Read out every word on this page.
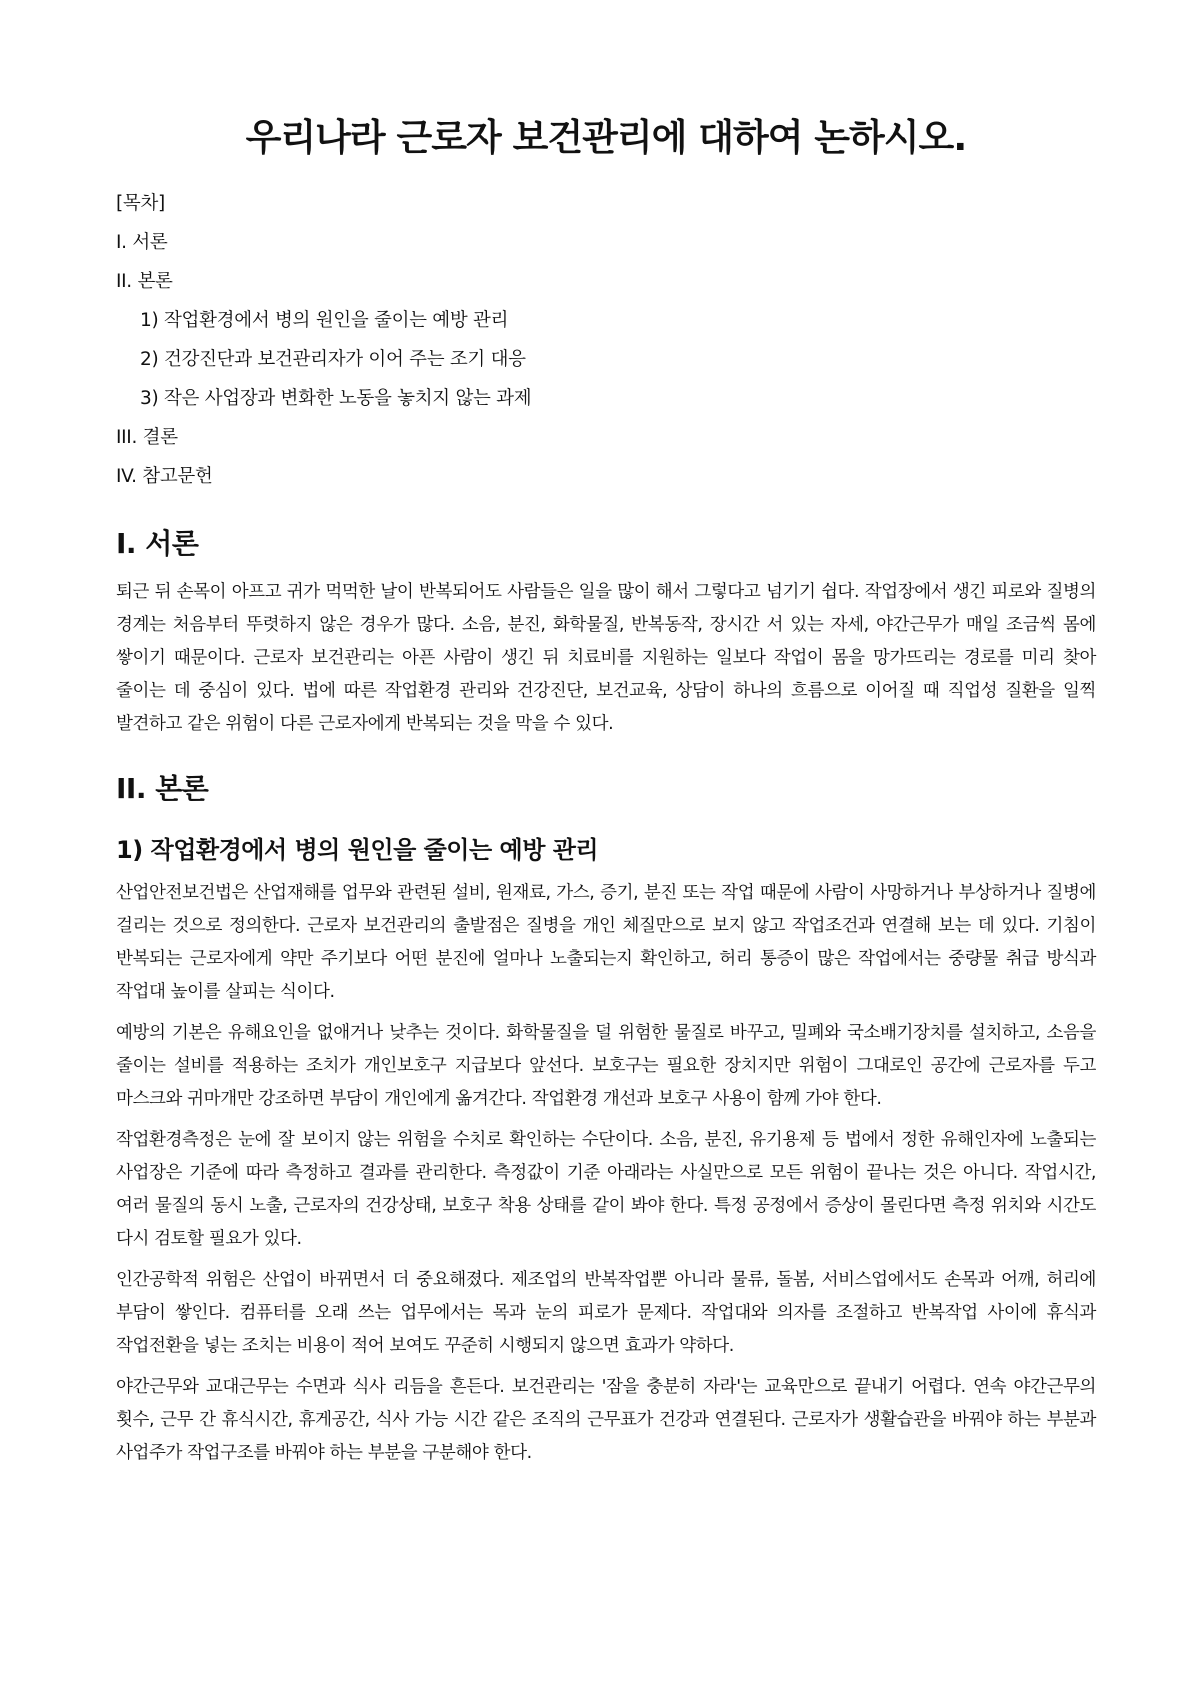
우리나라 근로자 보건관리에 대하여 논하시오.
[목차]
I. 서론
II. 본론
1) 작업환경에서 병의 원인을 줄이는 예방 관리
2) 건강진단과 보건관리자가 이어 주는 조기 대응
3) 작은 사업장과 변화한 노동을 놓치지 않는 과제
III. 결론
IV. 참고문헌
I. 서론

퇴근 뒤 손목이 아프고 귀가 먹먹한 날이 반복되어도 사람들은 일을 많이 해서 그렇다고 넘기기 쉽다. 작업장에서 생긴 피로와 질병의 경계는 처음부터 뚜렷하지 않은 경우가 많다. 소음, 분진, 화학물질, 반복동작, 장시간 서 있는 자세, 야간근무가 매일 조금씩 몸에 쌓이기 때문이다. 근로자 보건관리는 아픈 사람이 생긴 뒤 치료비를 지원하는 일보다 작업이 몸을 망가뜨리는 경로를 미리 찾아 줄이는 데 중심이 있다. 법에 따른 작업환경 관리와 건강진단, 보건교육, 상담이 하나의 흐름으로 이어질 때 직업성 질환을 일찍 발견하고 같은 위험이 다른 근로자에게 반복되는 것을 막을 수 있다.

II. 본론
1) 작업환경에서 병의 원인을 줄이는 예방 관리

산업안전보건법은 산업재해를 업무와 관련된 설비, 원재료, 가스, 증기, 분진 또는 작업 때문에 사람이 사망하거나 부상하거나 질병에 걸리는 것으로 정의한다. 근로자 보건관리의 출발점은 질병을 개인 체질만으로 보지 않고 작업조건과 연결해 보는 데 있다. 기침이 반복되는 근로자에게 약만 주기보다 어떤 분진에 얼마나 노출되는지 확인하고, 허리 통증이 많은 작업에서는 중량물 취급 방식과 작업대 높이를 살피는 식이다.

예방의 기본은 유해요인을 없애거나 낮추는 것이다. 화학물질을 덜 위험한 물질로 바꾸고, 밀폐와 국소배기장치를 설치하고, 소음을 줄이는 설비를 적용하는 조치가 개인보호구 지급보다 앞선다. 보호구는 필요한 장치지만 위험이 그대로인 공간에 근로자를 두고 마스크와 귀마개만 강조하면 부담이 개인에게 옮겨간다. 작업환경 개선과 보호구 사용이 함께 가야 한다.

작업환경측정은 눈에 잘 보이지 않는 위험을 수치로 확인하는 수단이다. 소음, 분진, 유기용제 등 법에서 정한 유해인자에 노출되는 사업장은 기준에 따라 측정하고 결과를 관리한다. 측정값이 기준 아래라는 사실만으로 모든 위험이 끝나는 것은 아니다. 작업시간, 여러 물질의 동시 노출, 근로자의 건강상태, 보호구 착용 상태를 같이 봐야 한다. 특정 공정에서 증상이 몰린다면 측정 위치와 시간도 다시 검토할 필요가 있다.

인간공학적 위험은 산업이 바뀌면서 더 중요해졌다. 제조업의 반복작업뿐 아니라 물류, 돌봄, 서비스업에서도 손목과 어깨, 허리에 부담이 쌓인다. 컴퓨터를 오래 쓰는 업무에서는 목과 눈의 피로가 문제다. 작업대와 의자를 조절하고 반복작업 사이에 휴식과 작업전환을 넣는 조치는 비용이 적어 보여도 꾸준히 시행되지 않으면 효과가 약하다.

야간근무와 교대근무는 수면과 식사 리듬을 흔든다. 보건관리는 '잠을 충분히 자라'는 교육만으로 끝내기 어렵다. 연속 야간근무의 횟수, 근무 간 휴식시간, 휴게공간, 식사 가능 시간 같은 조직의 근무표가 건강과 연결된다. 근로자가 생활습관을 바꿔야 하는 부분과 사업주가 작업구조를 바꿔야 하는 부분을 구분해야 한다.
